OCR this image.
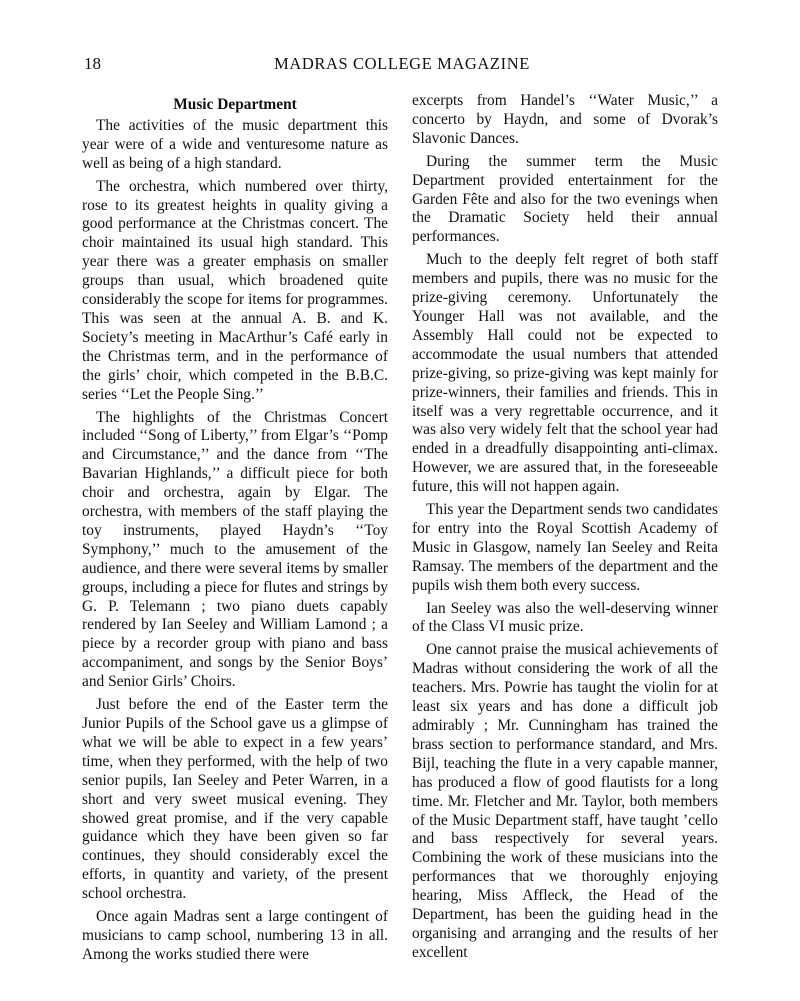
18	MADRAS COLLEGE MAGAZINE
Music Department

The activities of the music department this year were of a wide and venturesome nature as well as being of a high standard.

The orchestra, which numbered over thirty, rose to its greatest heights in quality giving a good performance at the Christmas concert. The choir maintained its usual high standard. This year there was a greater emphasis on smaller groups than usual, which broadened quite considerably the scope for items for programmes. This was seen at the annual A. B. and K. Society’s meeting in MacArthur’s Café early in the Christmas term, and in the performance of the girls’ choir, which competed in the B.B.C. series ‘‘Let the People Sing.’’

The highlights of the Christmas Concert included ‘‘Song of Liberty,’’ from Elgar’s ‘‘Pomp and Circumstance,’’ and the dance from ‘‘The Bavarian Highlands,’’ a difficult piece for both choir and orchestra, again by Elgar. The orchestra, with members of the staff playing the toy instruments, played Haydn’s ‘‘Toy Symphony,’’ much to the amusement of the audience, and there were several items by smaller groups, including a piece for flutes and strings by G. P. Telemann ; two piano duets capably rendered by Ian Seeley and William Lamond ; a piece by a recorder group with piano and bass accompaniment, and songs by the Senior Boys’ and Senior Girls’ Choirs.

Just before the end of the Easter term the Junior Pupils of the School gave us a glimpse of what we will be able to expect in a few years’ time, when they performed, with the help of two senior pupils, Ian Seeley and Peter Warren, in a short and very sweet musical evening. They showed great promise, and if the very capable guidance which they have been given so far continues, they should considerably excel the efforts, in quantity and variety, of the present school orchestra.

Once again Madras sent a large contingent of musicians to camp school, numbering 13 in all. Among the works studied there were

excerpts from Handel’s ‘‘Water Music,’’ a concerto by Haydn, and some of Dvorak’s Slavonic Dances.

During the summer term the Music Department provided entertainment for the Garden Fête and also for the two evenings when the Dramatic Society held their annual performances.

Much to the deeply felt regret of both staff members and pupils, there was no music for the prize-giving ceremony. Unfortunately the Younger Hall was not available, and the Assembly Hall could not be expected to accommodate the usual numbers that attended prize-giving, so prize-giving was kept mainly for prize-winners, their families and friends. This in itself was a very regrettable occurrence, and it was also very widely felt that the school year had ended in a dreadfully disappointing anti-climax. However, we are assured that, in the foreseeable future, this will not happen again.

This year the Department sends two candidates for entry into the Royal Scottish Academy of Music in Glasgow, namely Ian Seeley and Reita Ramsay. The members of the department and the pupils wish them both every success.

Ian Seeley was also the well-deserving winner of the Class VI music prize.

One cannot praise the musical achievements of Madras without considering the work of all the teachers. Mrs. Powrie has taught the violin for at least six years and has done a difficult job admirably ; Mr. Cunningham has trained the brass section to performance standard, and Mrs. Bijl, teaching the flute in a very capable manner, has produced a flow of good flautists for a long time. Mr. Fletcher and Mr. Taylor, both members of the Music Department staff, have taught ’cello and bass respectively for several years. Combining the work of these musicians into the performances that we thoroughly enjoying hearing, Miss Affleck, the Head of the Department, has been the guiding head in the organising and arranging and the results of her excellent
